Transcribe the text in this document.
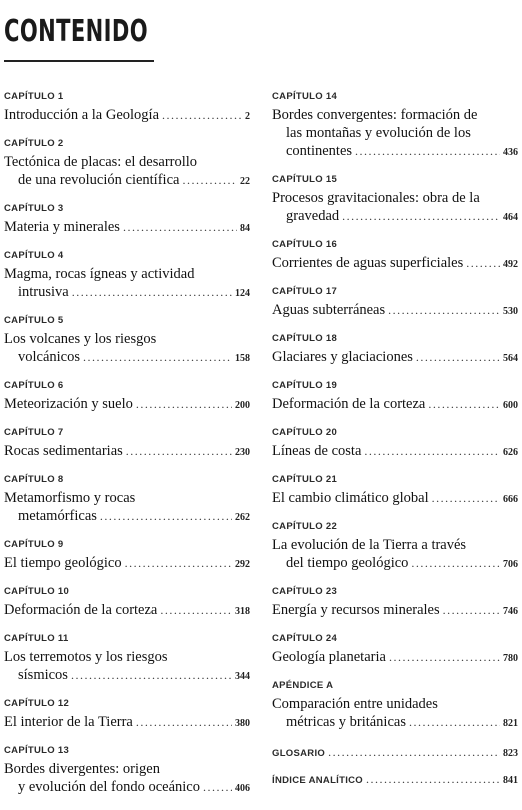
CONTENIDO
CAPÍTULO 1
Introducción a la Geología .....	2
CAPÍTULO 2
Tectónica de placas: el desarrollo
de una revolución científica .....	22
CAPÍTULO 3
Materia y minerales .....	84
CAPÍTULO 4
Magma, rocas ígneas y actividad
intrusiva .....	124
CAPÍTULO 5
Los volcanes y los riesgos
volcánicos .....	158
CAPÍTULO 6
Meteorización y suelo .....	200
CAPÍTULO 7
Rocas sedimentarias .....	230
CAPÍTULO 8
Metamorfismo y rocas
metamórficas .....	262
CAPÍTULO 9
El tiempo geológico .....	292
CAPÍTULO 10
Deformación de la corteza .....	318
CAPÍTULO 11
Los terremotos y los riesgos
sísmicos .....	344
CAPÍTULO 12
El interior de la Tierra .....	380
CAPÍTULO 13
Bordes divergentes: origen
y evolución del fondo oceánico .....	406
CAPÍTULO 14
Bordes convergentes: formación de
las montañas y evolución de los
continentes .....	436
CAPÍTULO 15
Procesos gravitacionales: obra de la
gravedad .....	464
CAPÍTULO 16
Corrientes de aguas superficiales .....	492
CAPÍTULO 17
Aguas subterráneas .....	530
CAPÍTULO 18
Glaciares y glaciaciones .....	564
CAPÍTULO 19
Deformación de la corteza .....	600
CAPÍTULO 20
Líneas de costa .....	626
CAPÍTULO 21
El cambio climático global .....	666
CAPÍTULO 22
La evolución de la Tierra a través
del tiempo geológico .....	706
CAPÍTULO 23
Energía y recursos minerales .....	746
CAPÍTULO 24
Geología planetaria .....	780
APÉNDICE A
Comparación entre unidades
métricas y británicas .....	821
GLOSARIO .....	823
ÍNDICE ANALÍTICO .....	841
